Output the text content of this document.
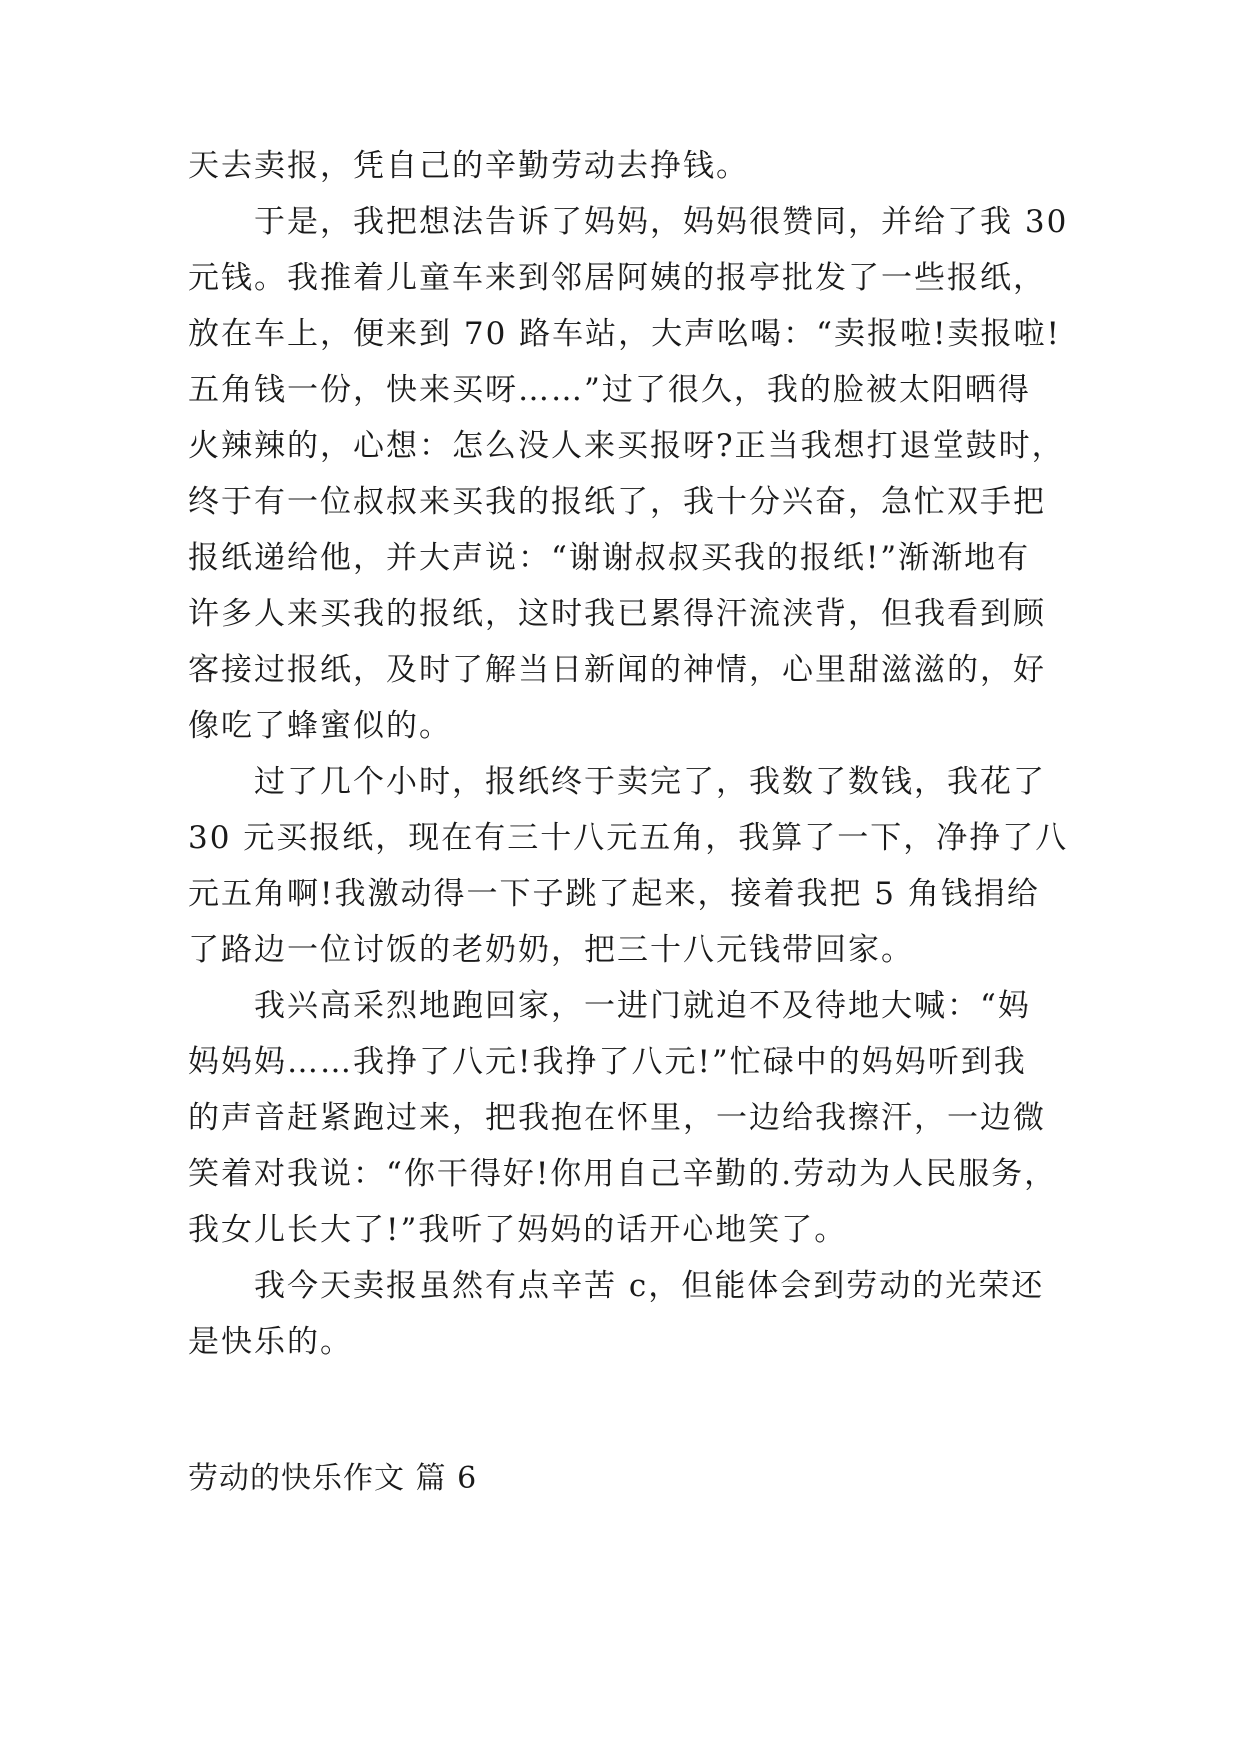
天去卖报，凭自己的辛勤劳动去挣钱。
　　于是，我把想法告诉了妈妈，妈妈很赞同，并给了我 30
元钱。我推着儿童车来到邻居阿姨的报亭批发了一些报纸，
放在车上，便来到 70 路车站，大声吆喝：“卖报啦!卖报啦!
五角钱一份，快来买呀……”过了很久，我的脸被太阳晒得
火辣辣的，心想：怎么没人来买报呀?正当我想打退堂鼓时，
终于有一位叔叔来买我的报纸了，我十分兴奋，急忙双手把
报纸递给他，并大声说：“谢谢叔叔买我的报纸!”渐渐地有
许多人来买我的报纸，这时我已累得汗流浃背，但我看到顾
客接过报纸，及时了解当日新闻的神情，心里甜滋滋的，好
像吃了蜂蜜似的。
　　过了几个小时，报纸终于卖完了，我数了数钱，我花了
30 元买报纸，现在有三十八元五角，我算了一下，净挣了八
元五角啊!我激动得一下子跳了起来，接着我把 5 角钱捐给
了路边一位讨饭的老奶奶，把三十八元钱带回家。
　　我兴高采烈地跑回家，一进门就迫不及待地大喊：“妈
妈妈妈……我挣了八元!我挣了八元!”忙碌中的妈妈听到我
的声音赶紧跑过来，把我抱在怀里，一边给我擦汗，一边微
笑着对我说：“你干得好!你用自己辛勤的.劳动为人民服务，
我女儿长大了!”我听了妈妈的话开心地笑了。
　　我今天卖报虽然有点辛苦 c，但能体会到劳动的光荣还
是快乐的。
劳动的快乐作文 篇 6
